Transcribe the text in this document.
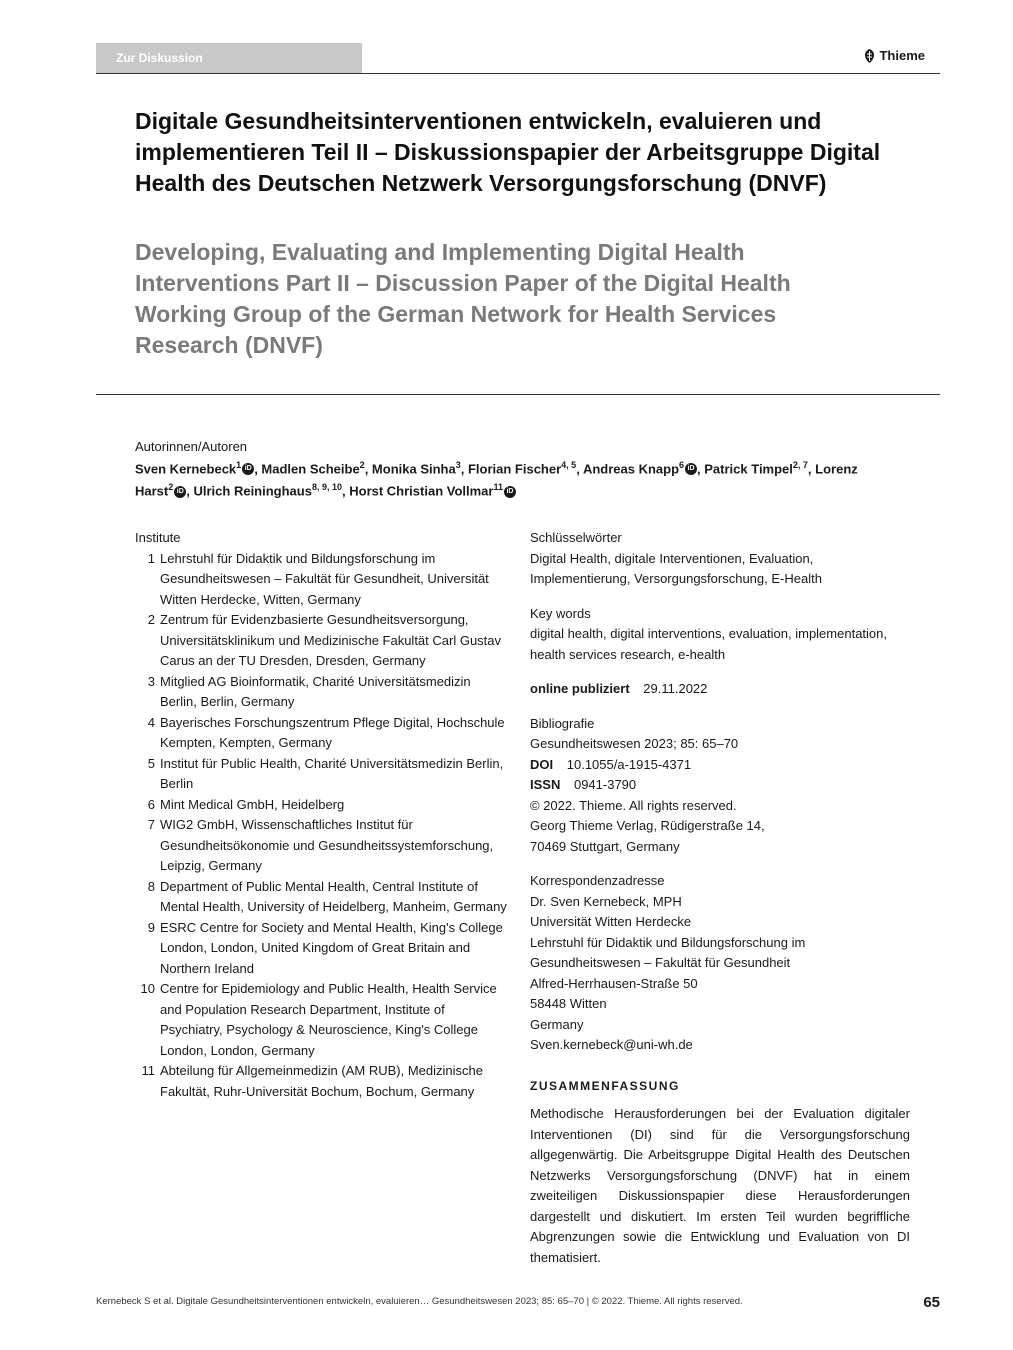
Zur Diskussion	Thieme
Digitale Gesundheitsinterventionen entwickeln, evaluieren und implementieren Teil II – Diskussionspapier der Arbeitsgruppe Digital Health des Deutschen Netzwerk Versorgungsforschung (DNVF)
Developing, Evaluating and Implementing Digital Health Interventions Part II – Discussion Paper of the Digital Health Working Group of the German Network for Health Services Research (DNVF)
Autorinnen/Autoren
Sven Kernebeck$^1$ iD , Madlen Scheibe$^2$, Monika Sinha$^3$, Florian Fischer$^{4, 5}$, Andreas Knapp$^6$ iD , Patrick Timpel$^{2, 7}$, Lorenz Harst$^2$ iD , Ulrich Reininghaus$^{8, 9, 10}$, Horst Christian Vollmar$^{11}$ iD
Institute
1 Lehrstuhl für Didaktik und Bildungsforschung im Gesundheitswesen – Fakultät für Gesundheit, Universität Witten Herdecke, Witten, Germany
2 Zentrum für Evidenzbasierte Gesundheitsversorgung, Universitätsklinikum und Medizinische Fakultät Carl Gustav Carus an der TU Dresden, Dresden, Germany
3 Mitglied AG Bioinformatik, Charité Universitätsmedizin Berlin, Berlin, Germany
4 Bayerisches Forschungszentrum Pflege Digital, Hochschule Kempten, Kempten, Germany
5 Institut für Public Health, Charité Universitätsmedizin Berlin, Berlin
6 Mint Medical GmbH, Heidelberg
7 WIG2 GmbH, Wissenschaftliches Institut für Gesundheitsökonomie und Gesundheitssystemforschung, Leipzig, Germany
8 Department of Public Mental Health, Central Institute of Mental Health, University of Heidelberg, Manheim, Germany
9 ESRC Centre for Society and Mental Health, King's College London, London, United Kingdom of Great Britain and Northern Ireland
10 Centre for Epidemiology and Public Health, Health Service and Population Research Department, Institute of Psychiatry, Psychology & Neuroscience, King's College London, London, Germany
11 Abteilung für Allgemeinmedizin (AM RUB), Medizinische Fakultät, Ruhr-Universität Bochum, Bochum, Germany
Schlüsselwörter
Digital Health, digitale Interventionen, Evaluation, Implementierung, Versorgungsforschung, E-Health
Key words
digital health, digital interventions, evaluation, implementation, health services research, e-health
online publiziert 29.11.2022
Bibliografie
Gesundheitswesen 2023; 85: 65–70
DOI 10.1055/a-1915-4371
ISSN 0941-3790
© 2022. Thieme. All rights reserved.
Georg Thieme Verlag, Rüdigerstraße 14,
70469 Stuttgart, Germany
Korrespondenzadresse
Dr. Sven Kernebeck, MPH
Universität Witten Herdecke
Lehrstuhl für Didaktik und Bildungsforschung im Gesundheitswesen – Fakultät für Gesundheit
Alfred-Herrhausen-Straße 50
58448 Witten
Germany
Sven.kernebeck@uni-wh.de
ZUSAMMENFASSUNG
Methodische Herausforderungen bei der Evaluation digitaler Interventionen (DI) sind für die Versorgungsforschung allgegenwärtig. Die Arbeitsgruppe Digital Health des Deutschen Netzwerks Versorgungsforschung (DNVF) hat in einem zweiteiligen Diskussionspapier diese Herausforderungen dargestellt und diskutiert. Im ersten Teil wurden begriffliche Abgrenzungen sowie die Entwicklung und Evaluation von DI thematisiert.
Kernebeck S et al. Digitale Gesundheitsinterventionen entwickeln, evaluieren… Gesundheitswesen 2023; 85: 65–70 | © 2022. Thieme. All rights reserved.	65
